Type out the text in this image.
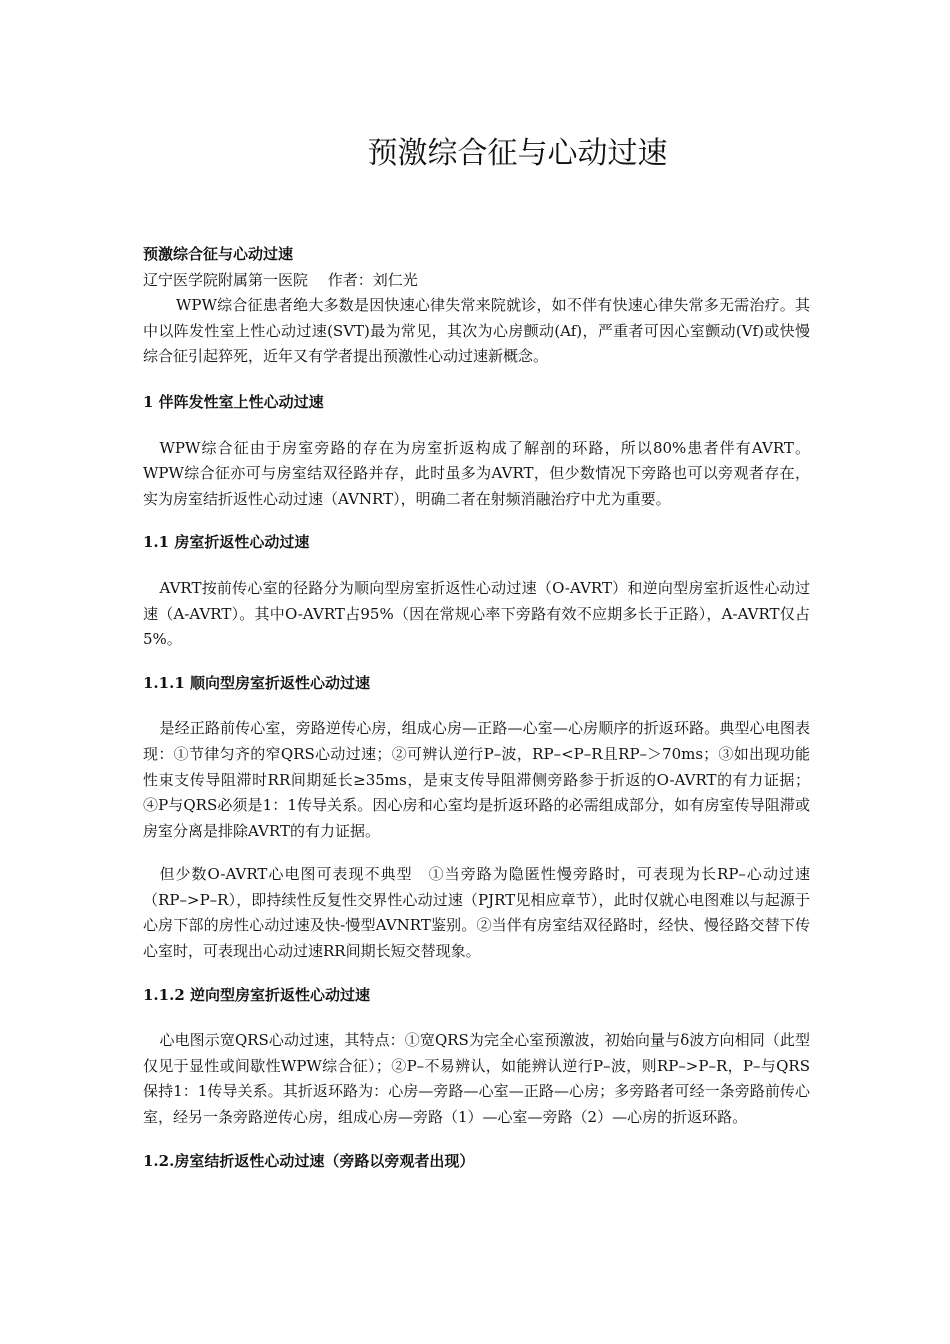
预激综合征与心动过速

预激综合征与心动过速

辽宁医学院附属第一医院　 作者：刘仁光

WPW综合征患者绝大多数是因快速心律失常来院就诊，如不伴有快速心律失常多无需治疗。其中以阵发性室上性心动过速(SVT)最为常见，其次为心房颤动(Af)，严重者可因心室颤动(Vf)或快慢综合征引起猝死，近年又有学者提出预激性心动过速新概念。

1 伴阵发性室上性心动过速

WPW综合征由于房室旁路的存在为房室折返构成了解剖的环路，所以80%患者伴有AVRT。WPW综合征亦可与房室结双径路并存，此时虽多为AVRT，但少数情况下旁路也可以旁观者存在，实为房室结折返性心动过速（AVNRT），明确二者在射频消融治疗中尤为重要。

1.1 房室折返性心动过速

AVRT按前传心室的径路分为顺向型房室折返性心动过速（O-AVRT）和逆向型房室折返性心动过速（A-AVRT）。其中O-AVRT占95%（因在常规心率下旁路有效不应期多长于正路），A-AVRT仅占5%。

1.1.1 顺向型房室折返性心动过速

是经正路前传心室，旁路逆传心房，组成心房—正路—心室—心房顺序的折返环路。典型心电图表现：①节律匀齐的窄QRS心动过速；②可辨认逆行P–波，RP–<P–R且RP–＞70ms；③如出现功能性束支传导阻滞时RR间期延长≥35ms，是束支传导阻滞侧旁路参于折返的O-AVRT的有力证据；④P与QRS必须是1：1传导关系。因心房和心室均是折返环路的必需组成部分，如有房室传导阻滞或房室分离是排除AVRT的有力证据。

但少数O-AVRT心电图可表现不典型　①当旁路为隐匿性慢旁路时，可表现为长RP–心动过速（RP–>P–R），即持续性反复性交界性心动过速（PJRT见相应章节），此时仅就心电图难以与起源于心房下部的房性心动过速及快-慢型AVNRT鉴别。②当伴有房室结双径路时，经快、慢径路交替下传心室时，可表现出心动过速RR间期长短交替现象。

1.1.2 逆向型房室折返性心动过速

心电图示宽QRS心动过速，其特点：①宽QRS为完全心室预激波，初始向量与δ波方向相同（此型仅见于显性或间歇性WPW综合征）；②P–不易辨认，如能辨认逆行P–波，则RP–>P–R，P–与QRS保持1：1传导关系。其折返环路为：心房—旁路—心室—正路—心房；多旁路者可经一条旁路前传心室，经另一条旁路逆传心房，组成心房—旁路（1）—心室—旁路（2）—心房的折返环路。

1.2.房室结折返性心动过速（旁路以旁观者出现）
